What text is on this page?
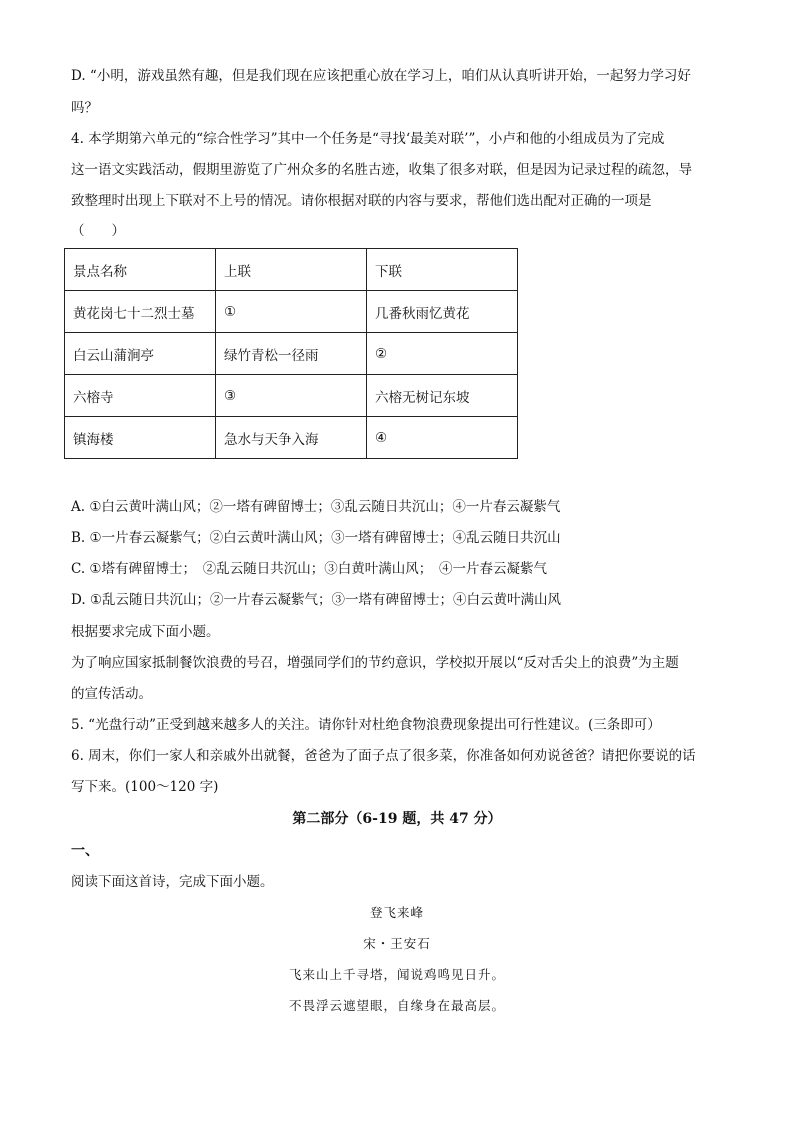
D. “小明，游戏虽然有趣，但是我们现在应该把重心放在学习上，咱们从认真听讲开始，一起努力学习好
吗？
4. 本学期第六单元的“综合性学习”其中一个任务是“寻找‘最美对联’”，小卢和他的小组成员为了完成
这一语文实践活动，假期里游览了广州众多的名胜古迹，收集了很多对联，但是因为记录过程的疏忽，导
致整理时出现上下联对不上号的情况。请你根据对联的内容与要求，帮他们选出配对正确的一项是
（　　）
景点名称	上联	下联
黄花岗七十二烈士墓	①	几番秋雨忆黄花
白云山蒲涧亭	绿竹青松一径雨	②
六榕寺	③	六榕无树记东坡
镇海楼	急水与天争入海	④
A. ①白云黄叶满山风；②一塔有碑留博士；③乱云随日共沉山；④一片春云凝紫气
B. ①一片春云凝紫气；②白云黄叶满山风；③一塔有碑留博士；④乱云随日共沉山
C. ①塔有碑留博士；　②乱云随日共沉山；③白黄叶满山风；　④一片春云凝紫气
D. ①乱云随日共沉山；②一片春云凝紫气；③一塔有碑留博士；④白云黄叶满山风
根据要求完成下面小题。
为了响应国家抵制餐饮浪费的号召，增强同学们的节约意识，学校拟开展以“反对舌尖上的浪费”为主题
的宣传活动。
5. “光盘行动”正受到越来越多人的关注。请你针对杜绝食物浪费现象提出可行性建议。(三条即可）
6. 周末，你们一家人和亲戚外出就餐，爸爸为了面子点了很多菜，你准备如何劝说爸爸？请把你要说的话
写下来。(100～120 字)
第二部分（6-19 题，共 47 分）
一、
阅读下面这首诗，完成下面小题。
登飞来峰
宋・王安石
飞来山上千寻塔，闻说鸡鸣见日升。
不畏浮云遮望眼，自缘身在最高层。
